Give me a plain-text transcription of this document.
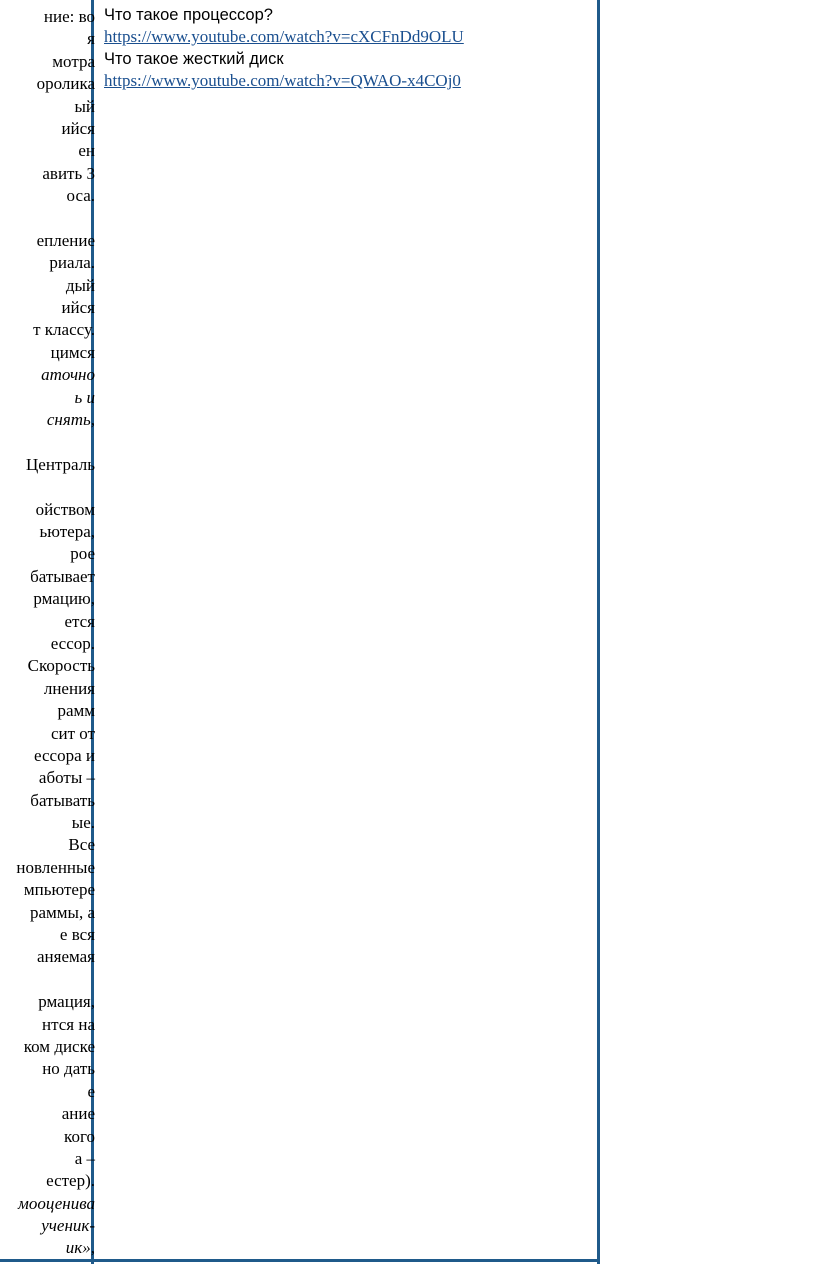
ние: во
я
мотра
оролика
ый
ийся
ен
авить 3
оса.
епление
риала.
дый
ийся
т классу.
цимся
аточно
ь и
снять,
Централь
ойством
ьютера,
рое
батывает
рмацию,
ется
ессор.
Скорость
лнения
рамм
сит от
ессора и
аботы –
батывать
ые.
Все
новленные
мпьютере
раммы, а
е вся
аняемая
рмация,
нтся на
ком диске
но дать
е
ание
кого
а –
естер).
мооценива
ученик-
ик»,
Что такое процессор?
https://www.youtube.com/watch?v=cXCFnDd9OLU
Что такое жесткий диск
https://www.youtube.com/watch?v=QWAO-x4COj0
